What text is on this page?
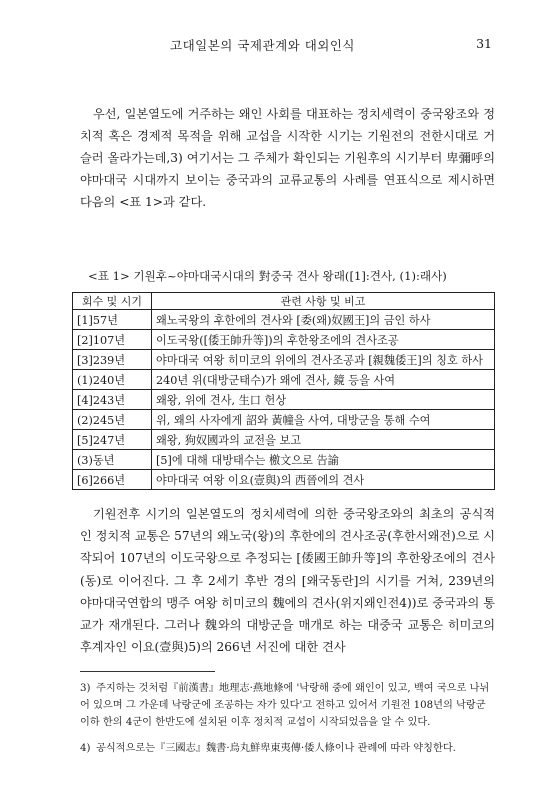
고대일본의 국제관계와 대외인식	31

우선, 일본열도에 거주하는 왜인 사회를 대표하는 정치세력이 중국왕조와 정치적 혹은 경제적 목적을 위해 교섭을 시작한 시기는 기원전의 전한시대로 거슬러 올라가는데,3) 여기서는 그 주체가 확인되는 기원후의 시기부터 卑彌呼의 야마대국 시대까지 보이는 중국과의 교류교통의 사례를 연표식으로 제시하면 다음의 <표 1>과 같다.

<표 1> 기원후~야마대국시대의 對중국 견사 왕래([1]:견사, (1):래사)
회수 및 시기	관련 사항 및 비고
[1]57년	왜노국왕의 후한에의 견사와 [委(왜)奴國王]의 금인 하사
[2]107년	이도국왕([倭王帥升等])의 후한왕조에의 견사조공
[3]239년	야마대국 여왕 히미코의 위에의 견사조공과 [親魏倭王]의 칭호 하사
(1)240년	240년 위(대방군태수)가 왜에 견사, 鏡 등을 사여
[4]243년	왜왕, 위에 견사, 生口 헌상
(2)245년	위, 왜의 사자에게 詔와 黃幢을 사여, 대방군을 통해 수여
[5]247년	왜왕, 狗奴國과의 교전을 보고
(3)동년	[5]에 대해 대방태수는 檄文으로 告諭
[6]266년	야마대국 여왕 이요(壹與)의 西晉에의 견사

기원전후 시기의 일본열도의 정치세력에 의한 중국왕조와의 최초의 공식적인 정치적 교통은 57년의 왜노국(왕)의 후한에의 견사조공(후한서왜전)으로 시작되어 107년의 이도국왕으로 추정되는 [倭國王帥升等]의 후한왕조에의 견사(동)로 이어진다. 그 후 2세기 후반 경의 [왜국동란]의 시기를 거쳐, 239년의 야마대국연합의 맹주 여왕 히미코의 魏에의 견사(위지왜인전4))로 중국과의 통교가 재개된다. 그러나 魏와의 대방군을 매개로 하는 대중국 교통은 히미코의 후계자인 이요(壹與)5)의 266년 서진에 대한 견사

3) 주지하는 것처럼『前漢書』地理志·燕地條에 '낙랑해 중에 왜인이 있고, 백여 국으로 나뉘어 있으며 그 가운데 낙랑군에 조공하는 자가 있다'고 전하고 있어서 기원전 108년의 낙랑군 이하 한의 4군이 한반도에 설치된 이후 정치적 교섭이 시작되었음을 알 수 있다.
4) 공식적으로는『三國志』魏書·烏丸鮮卑東夷傳·倭人條이나 관례에 따라 약칭한다.
